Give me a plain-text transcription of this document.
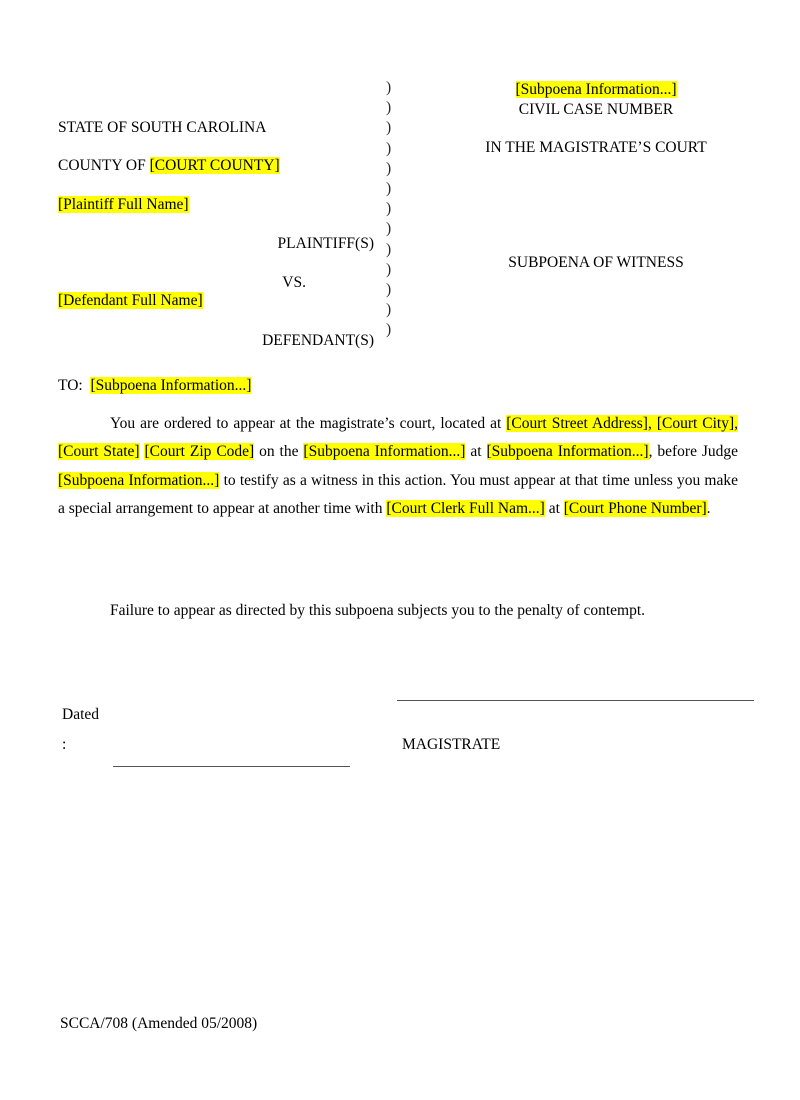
STATE OF SOUTH CAROLINA
COUNTY OF [COURT COUNTY]
[Plaintiff Full Name]
PLAINTIFF(S)
VS.
[Defendant Full Name]
DEFENDANT(S)
)
)
)
)
)
)
)
)
)
)
)
)
)
[Subpoena Information...]
CIVIL CASE NUMBER
IN THE MAGISTRATE’S COURT
SUBPOENA OF WITNESS
TO:  [Subpoena Information...]
You are ordered to appear at the magistrate’s court, located at [Court Street Address], [Court City], [Court State] [Court Zip Code] on the [Subpoena Information...] at [Subpoena Information...], before Judge [Subpoena Information...] to testify as a witness in this action. You must appear at that time unless you make a special arrangement to appear at another time with [Court Clerk Full Nam...] at [Court Phone Number].
Failure to appear as directed by this subpoena subjects you to the penalty of contempt.
Dated
:	MAGISTRATE
SCCA/708 (Amended 05/2008)
